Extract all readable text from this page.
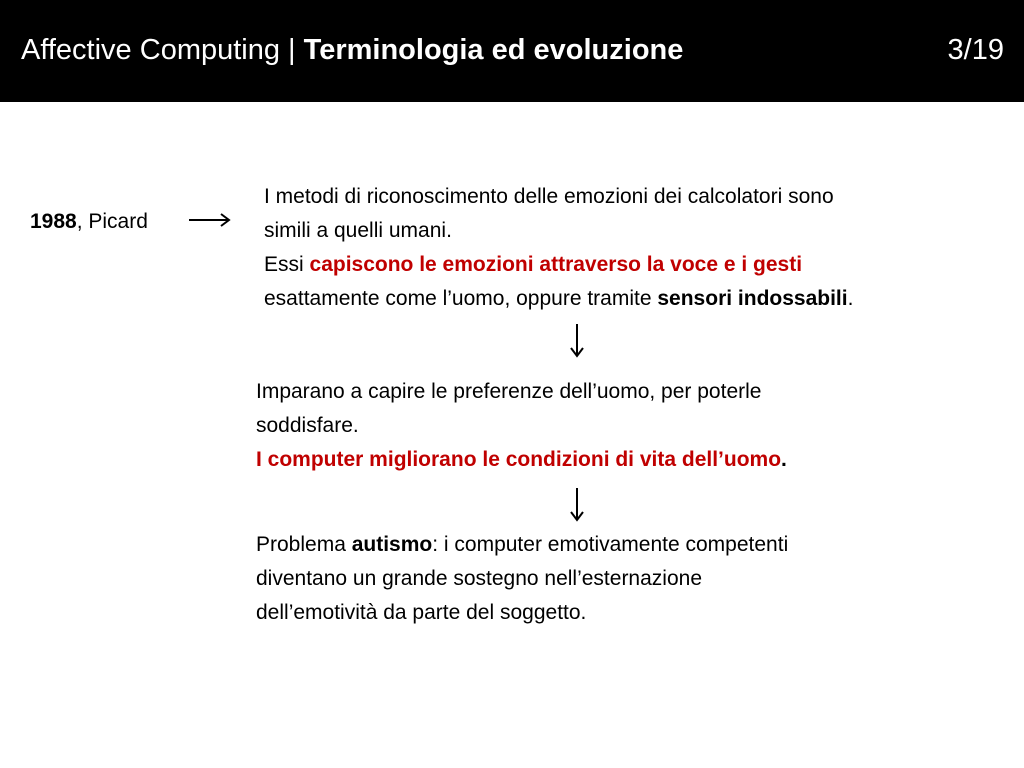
Affective Computing | Terminologia ed evoluzione	3/19
1988, Picard
I metodi di riconoscimento delle emozioni dei calcolatori sono
simili a quelli umani.
Essi capiscono le emozioni attraverso la voce e i gesti
esattamente come l’uomo, oppure tramite sensori indossabili.
Imparano a capire le preferenze dell’uomo, per poterle
soddisfare.
I computer migliorano le condizioni di vita dell’uomo.
Problema autismo: i computer emotivamente competenti
diventano un grande sostegno nell’esternazione
dell’emotività da parte del soggetto.
